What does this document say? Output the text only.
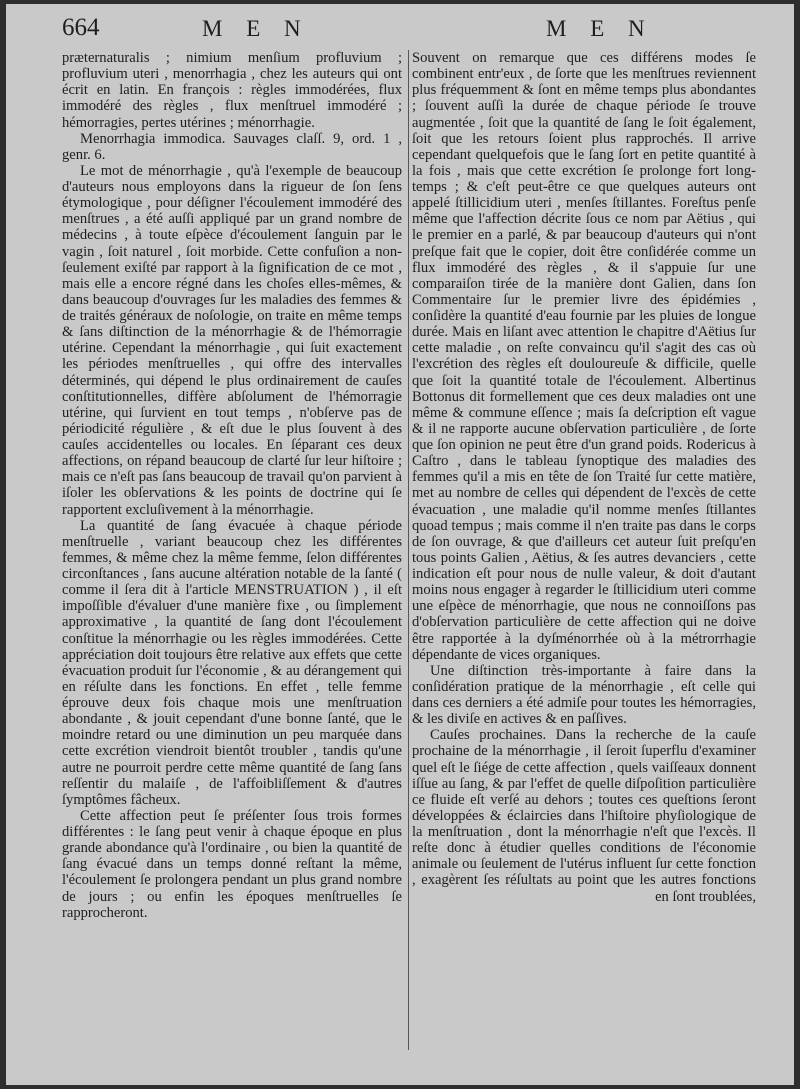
664	M E N	M E N

præternaturalis ; nimium menſium profluvium ; profluvium uteri , menorrhagia , chez les auteurs qui ont écrit en latin. En françois : règles immodérées, flux immodéré des règles , flux menſtruel immodéré ; hémorragies, pertes utérines ; ménorrhagie.

Menorrhagia immodica. Sauvages claſſ. 9, ord. 1 , genr. 6.

Le mot de ménorrhagie , qu'à l'exemple de beaucoup d'auteurs nous employons dans la rigueur de ſon ſens étymologique , pour déſigner l'écoulement immodéré des menſtrues , a été auſſi appliqué par un grand nombre de médecins , à toute eſpèce d'écoulement ſanguin par le vagin , ſoit naturel , ſoit morbide. Cette confuſion a non-ſeulement exiſté par rapport à la ſignification de ce mot , mais elle a encore régné dans les choſes elles-mêmes, & dans beaucoup d'ouvrages ſur les maladies des femmes & de traités généraux de noſologie, on traite en même temps & ſans diſtinction de la ménorrhagie & de l'hémorragie utérine. Cependant la ménorrhagie , qui ſuit exactement les périodes menſtruelles , qui offre des intervalles déterminés, qui dépend le plus ordinairement de cauſes conſtitutionnelles, diffère abſolument de l'hémorragie utérine, qui ſurvient en tout temps , n'obſerve pas de périodicité régulière , & eſt due le plus ſouvent à des cauſes accidentelles ou locales. En ſéparant ces deux affections, on répand beaucoup de clarté ſur leur hiſtoire ; mais ce n'eſt pas ſans beaucoup de travail qu'on parvient à iſoler les obſervations & les points de doctrine qui ſe rapportent excluſivement à la ménorrhagie.

La quantité de ſang évacuée à chaque période menſtruelle , variant beaucoup chez les différentes femmes, & même chez la même femme, ſelon différentes circonſtances , ſans aucune altération notable de la ſanté ( comme il ſera dit à l'article MENSTRUATION ) , il eſt impoſſible d'évaluer d'une manière fixe , ou ſimplement approximative , la quantité de ſang dont l'écoulement conſtitue la ménorrhagie ou les règles immodérées. Cette appréciation doit toujours être relative aux effets que cette évacuation produit ſur l'économie , & au dérangement qui en réſulte dans les fonctions. En effet , telle femme éprouve deux fois chaque mois une menſtruation abondante , & jouit cependant d'une bonne ſanté, que le moindre retard ou une diminution un peu marquée dans cette excrétion viendroit bientôt troubler , tandis qu'une autre ne pourroit perdre cette même quantité de ſang ſans reſſentir du malaiſe , de l'affoibliſſement & d'autres ſymptômes fâcheux.

Cette affection peut ſe préſenter ſous trois formes différentes : le ſang peut venir à chaque époque en plus grande abondance qu'à l'ordinaire , ou bien la quantité de ſang évacué dans un temps donné reſtant la même, l'écoulement ſe prolongera pendant un plus grand nombre de jours ; ou enfin les époques menſtruelles ſe rapprocheront.

Souvent on remarque que ces différens modes ſe combinent entr'eux , de ſorte que les menſtrues reviennent plus fréquemment & ſont en même temps plus abondantes ; ſouvent auſſi la durée de chaque période ſe trouve augmentée , ſoit que la quantité de ſang le ſoit également, ſoit que les retours ſoient plus rapprochés. Il arrive cependant quelquefois que le ſang ſort en petite quantité à la fois , mais que cette excrétion ſe prolonge fort long-temps ; & c'eſt peut-être ce que quelques auteurs ont appelé ſtillicidium uteri , menſes ſtillantes. Foreſtus penſe même que l'affection décrite ſous ce nom par Aëtius , qui le premier en a parlé, & par beaucoup d'auteurs qui n'ont preſque fait que le copier, doit être conſidérée comme un flux immodéré des règles , & il s'appuie ſur une comparaiſon tirée de la manière dont Galien, dans ſon Commentaire ſur le premier livre des épidémies , conſidère la quantité d'eau fournie par les pluies de longue durée. Mais en liſant avec attention le chapitre d'Aëtius ſur cette maladie , on reſte convaincu qu'il s'agit des cas où l'excrétion des règles eſt douloureuſe & difficile, quelle que ſoit la quantité totale de l'écoulement. Albertinus Bottonus dit formellement que ces deux maladies ont une même & commune eſſence ; mais ſa deſcription eſt vague & il ne rapporte aucune obſervation particulière , de ſorte que ſon opinion ne peut être d'un grand poids. Rodericus à Caſtro , dans le tableau ſynoptique des maladies des femmes qu'il a mis en tête de ſon Traité ſur cette matière, met au nombre de celles qui dépendent de l'excès de cette évacuation , une maladie qu'il nomme menſes ſtillantes quoad tempus ; mais comme il n'en traite pas dans le corps de ſon ouvrage, & que d'ailleurs cet auteur ſuit preſqu'en tous points Galien , Aëtius, & ſes autres devanciers , cette indication eſt pour nous de nulle valeur, & doit d'autant moins nous engager à regarder le ſtillicidium uteri comme une eſpèce de ménorrhagie, que nous ne connoiſſons pas d'obſervation particulière de cette affection qui ne doive être rapportée à la dyſménorrhée où à la métrorrhagie dépendante de vices organiques.

Une diſtinction très-importante à faire dans la conſidération pratique de la ménorrhagie , eſt celle qui dans ces derniers a été admiſe pour toutes les hémorragies, & les diviſe en actives & en paſſives.

Cauſes prochaines. Dans la recherche de la cauſe prochaine de la ménorrhagie , il ſeroit ſuperflu d'examiner quel eſt le ſiége de cette affection , quels vaiſſeaux donnent iſſue au ſang, & par l'effet de quelle diſpoſition particulière ce fluide eſt verſé au dehors ; toutes ces queſtions ſeront développées & éclaircies dans l'hiſtoire phyſiologique de la menſtruation , dont la ménorrhagie n'eſt que l'excès. Il reſte donc à étudier quelles conditions de l'économie animale ou ſeulement de l'utérus influent ſur cette fonction , exagèrent ſes réſultats au point que les autres fonctions en ſont troublées,
